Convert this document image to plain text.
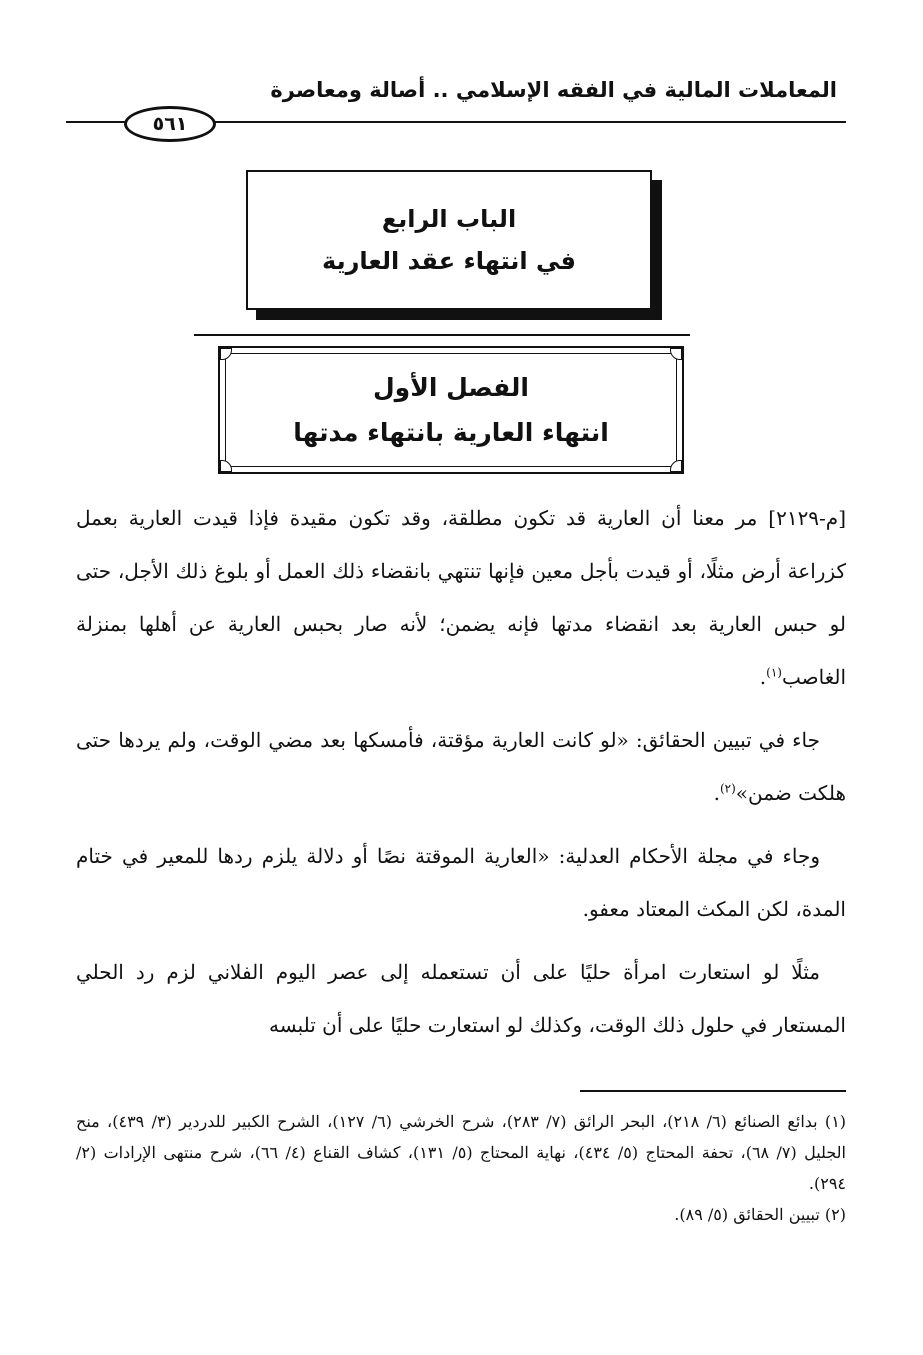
المعاملات المالية في الفقه الإسلامي .. أصالة ومعاصرة
٥٦١
الباب الرابع
في انتهاء عقد العارية
الفصل الأول
انتهاء العارية بانتهاء مدتها

[م-٢١٢٩] مر معنا أن العارية قد تكون مطلقة، وقد تكون مقيدة فإذا قيدت العارية بعمل كزراعة أرض مثلًا، أو قيدت بأجل معين فإنها تنتهي بانقضاء ذلك العمل أو بلوغ ذلك الأجل، حتى لو حبس العارية بعد انقضاء مدتها فإنه يضمن؛ لأنه صار بحبس العارية عن أهلها بمنزلة الغاصب$^{(١)}$.

جاء في تبيين الحقائق: «لو كانت العارية مؤقتة، فأمسكها بعد مضي الوقت، ولم يردها حتى هلكت ضمن»$^{(٢)}$.

وجاء في مجلة الأحكام العدلية: «العارية الموقتة نصًا أو دلالة يلزم ردها للمعير في ختام المدة، لكن المكث المعتاد معفو.

مثلًا لو استعارت امرأة حليًا على أن تستعمله إلى عصر اليوم الفلاني لزم رد الحلي المستعار في حلول ذلك الوقت، وكذلك لو استعارت حليًا على أن تلبسه

(١) بدائع الصنائع (٦/ ٢١٨)، البحر الرائق (٧/ ٢٨٣)، شرح الخرشي (٦/ ١٢٧)، الشرح الكبير للدردير (٣/ ٤٣٩)، منح الجليل (٧/ ٦٨)، تحفة المحتاج (٥/ ٤٣٤)، نهاية المحتاج (٥/ ١٣١)، كشاف القناع (٤/ ٦٦)، شرح منتهى الإرادات (٢/ ٢٩٤).

(٢) تبيين الحقائق (٥/ ٨٩).
